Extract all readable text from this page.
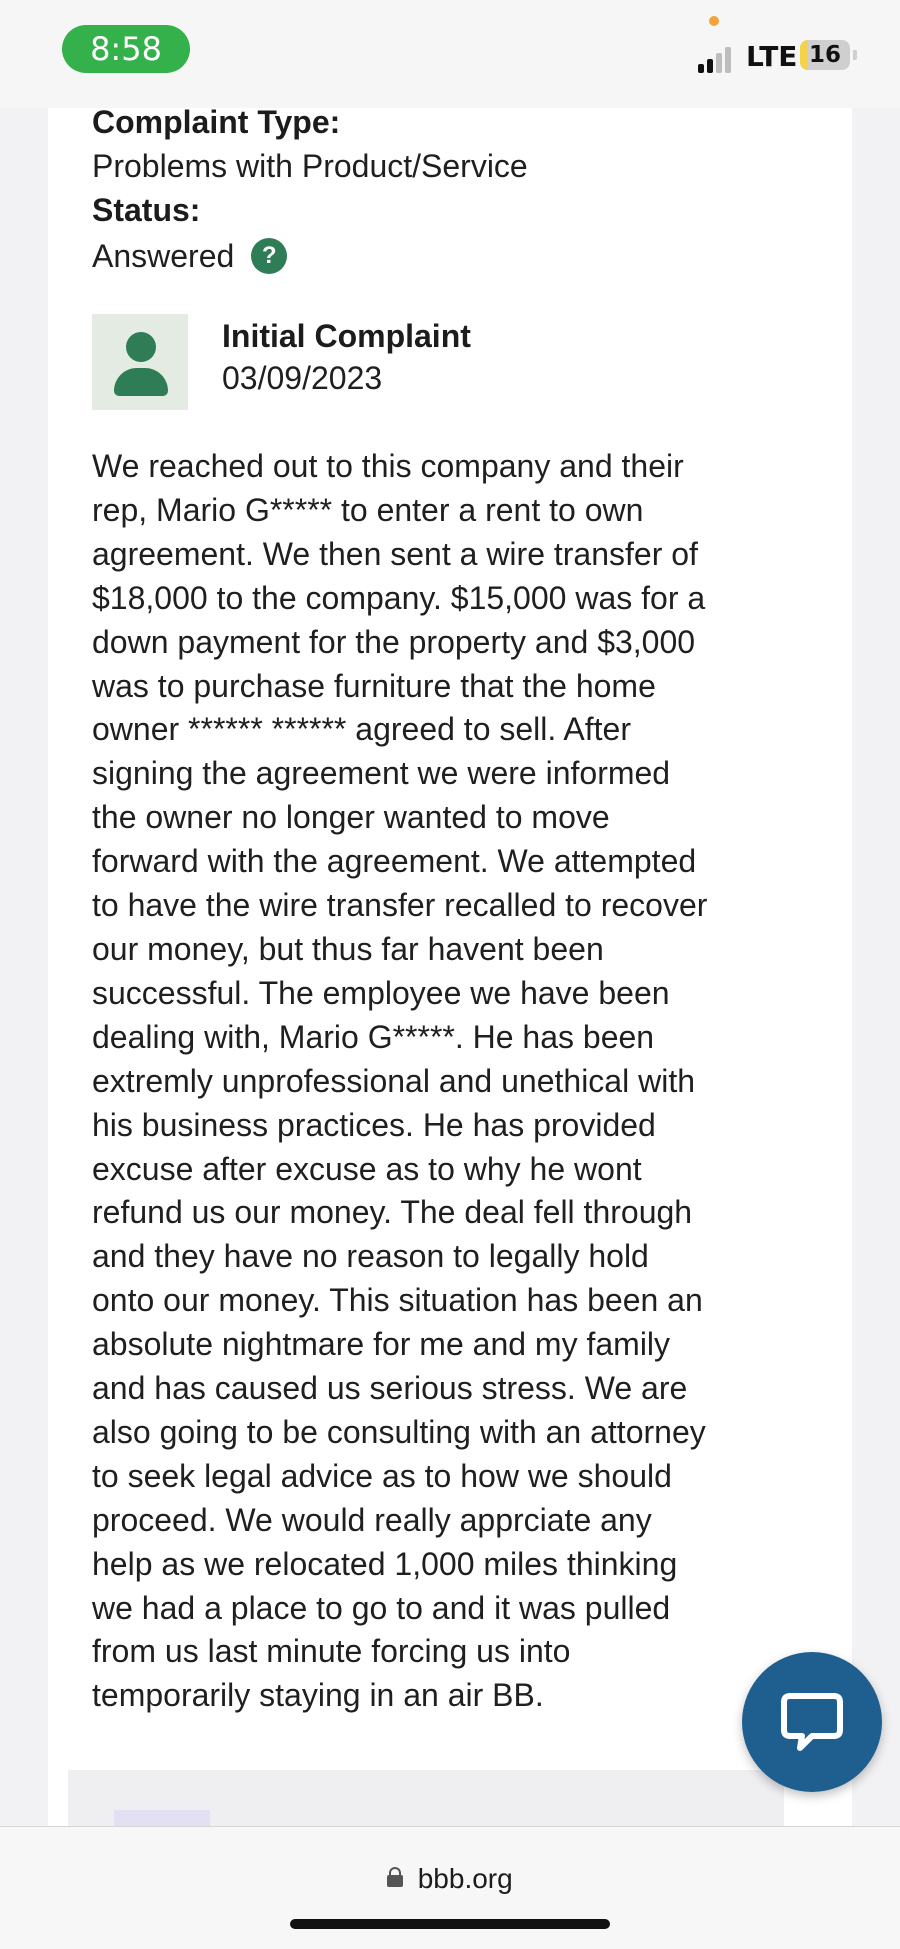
8:58	LTE 16
Complaint Type:
Problems with Product/Service
Status:
Answered ?
Initial Complaint
03/09/2023

We reached out to this company and their
rep, Mario G***** to enter a rent to own
agreement. We then sent a wire transfer of
$18,000 to the company. $15,000 was for a
down payment for the property and $3,000
was to purchase furniture that the home
owner ****** ****** agreed to sell. After
signing the agreement we were informed
the owner no longer wanted to move
forward with the agreement. We attempted
to have the wire transfer recalled to recover
our money, but thus far havent been
successful. The employee we have been
dealing with, Mario G*****. He has been
extremly unprofessional and unethical with
his business practices. He has provided
excuse after excuse as to why he wont
refund us our money. The deal fell through
and they have no reason to legally hold
onto our money. This situation has been an
absolute nightmare for me and my family
and has caused us serious stress. We are
also going to be consulting with an attorney
to seek legal advice as to how we should
proceed. We would really apprciate any
help as we relocated 1,000 miles thinking
we had a place to go to and it was pulled
from us last minute forcing us into
temporarily staying in an air BB.

bbb.org
